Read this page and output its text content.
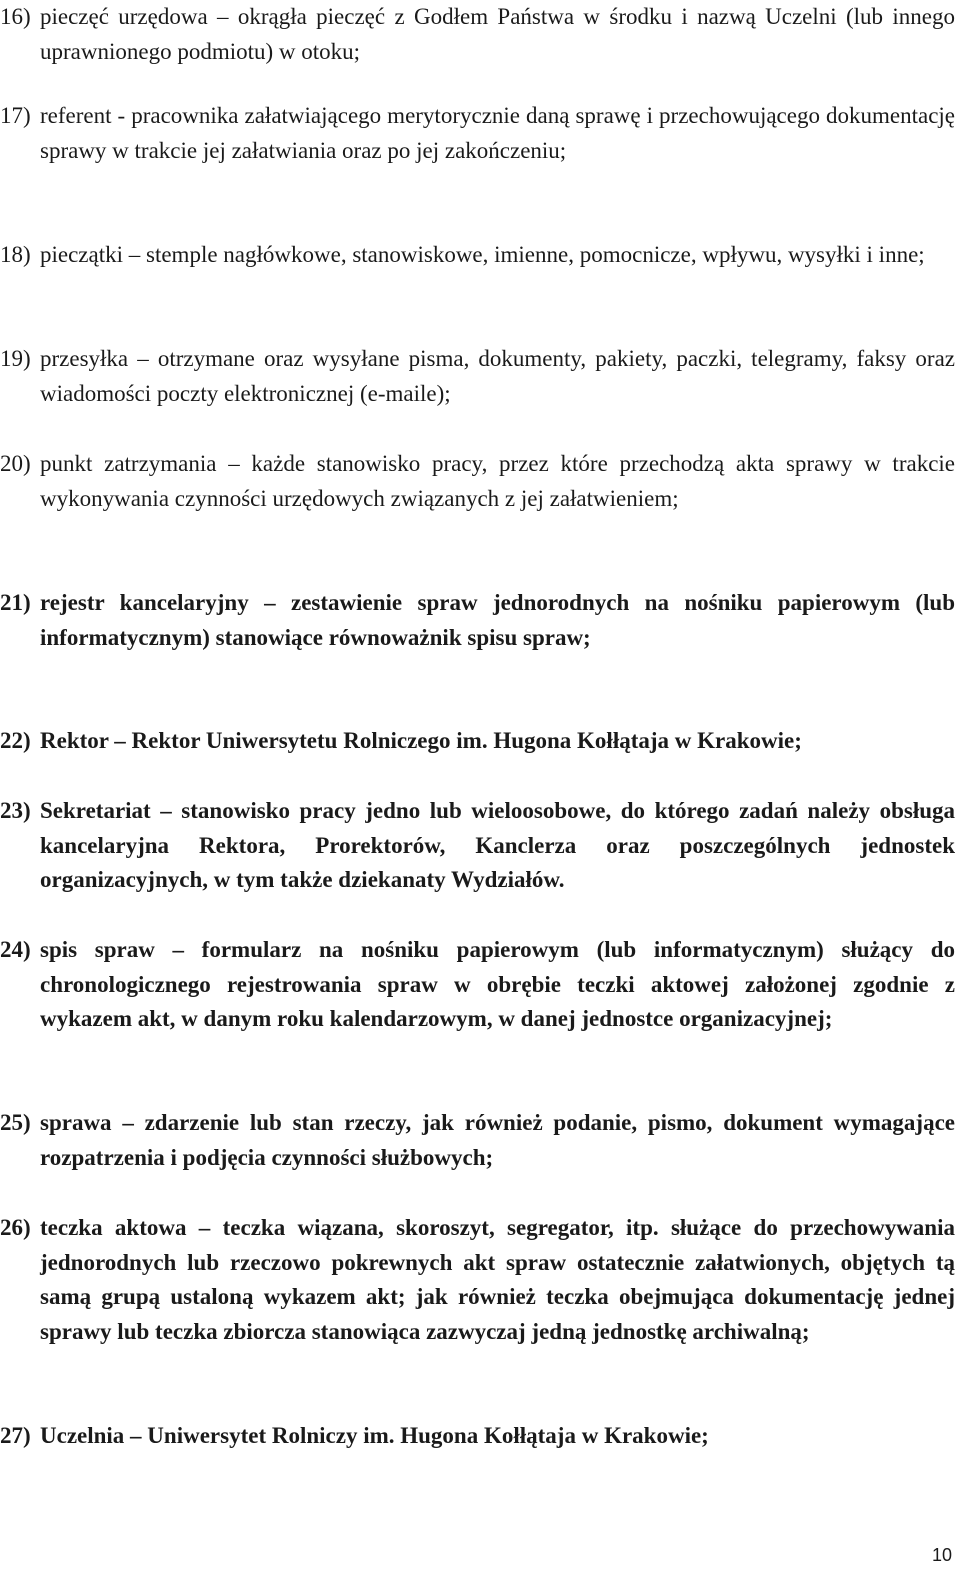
16) pieczęć urzędowa – okrągła pieczęć z Godłem Państwa w środku i nazwą Uczelni (lub innego uprawnionego podmiotu) w otoku;
17) referent - pracownika załatwiającego merytorycznie daną sprawę i przechowującego dokumentację sprawy w trakcie jej załatwiania oraz po jej zakończeniu;
18) pieczątki – stemple nagłówkowe, stanowiskowe, imienne, pomocnicze, wpływu, wysyłki i inne;
19) przesyłka – otrzymane oraz wysyłane pisma, dokumenty, pakiety, paczki, telegramy, faksy oraz wiadomości poczty elektronicznej (e-maile);
20) punkt zatrzymania – każde stanowisko pracy, przez które przechodzą akta sprawy w trakcie wykonywania czynności urzędowych związanych z jej załatwieniem;
21) rejestr kancelaryjny – zestawienie spraw jednorodnych na nośniku papierowym (lub informatycznym) stanowiące równoważnik spisu spraw;
22) Rektor – Rektor Uniwersytetu Rolniczego im. Hugona Kołłątaja w Krakowie;
23) Sekretariat – stanowisko pracy jedno lub wieloosobowe, do którego zadań należy obsługa kancelaryjna Rektora, Prorektorów, Kanclerza oraz poszczególnych jednostek organizacyjnych, w tym także dziekanaty Wydziałów.
24) spis spraw – formularz na nośniku papierowym (lub informatycznym) służący do chronologicznego rejestrowania spraw w obrębie teczki aktowej założonej zgodnie z wykazem akt, w danym roku kalendarzowym, w danej jednostce organizacyjnej;
25) sprawa – zdarzenie lub stan rzeczy, jak również podanie, pismo, dokument wymagające rozpatrzenia i podjęcia czynności służbowych;
26) teczka aktowa – teczka wiązana, skoroszyt, segregator, itp. służące do przechowywania jednorodnych lub rzeczowo pokrewnych akt spraw ostatecznie załatwionych, objętych tą samą grupą ustaloną wykazem akt; jak również teczka obejmująca dokumentację jednej sprawy lub teczka zbiorcza stanowiąca zazwyczaj jedną jednostkę archiwalną;
27) Uczelnia – Uniwersytet Rolniczy im. Hugona Kołłątaja w Krakowie;
10
